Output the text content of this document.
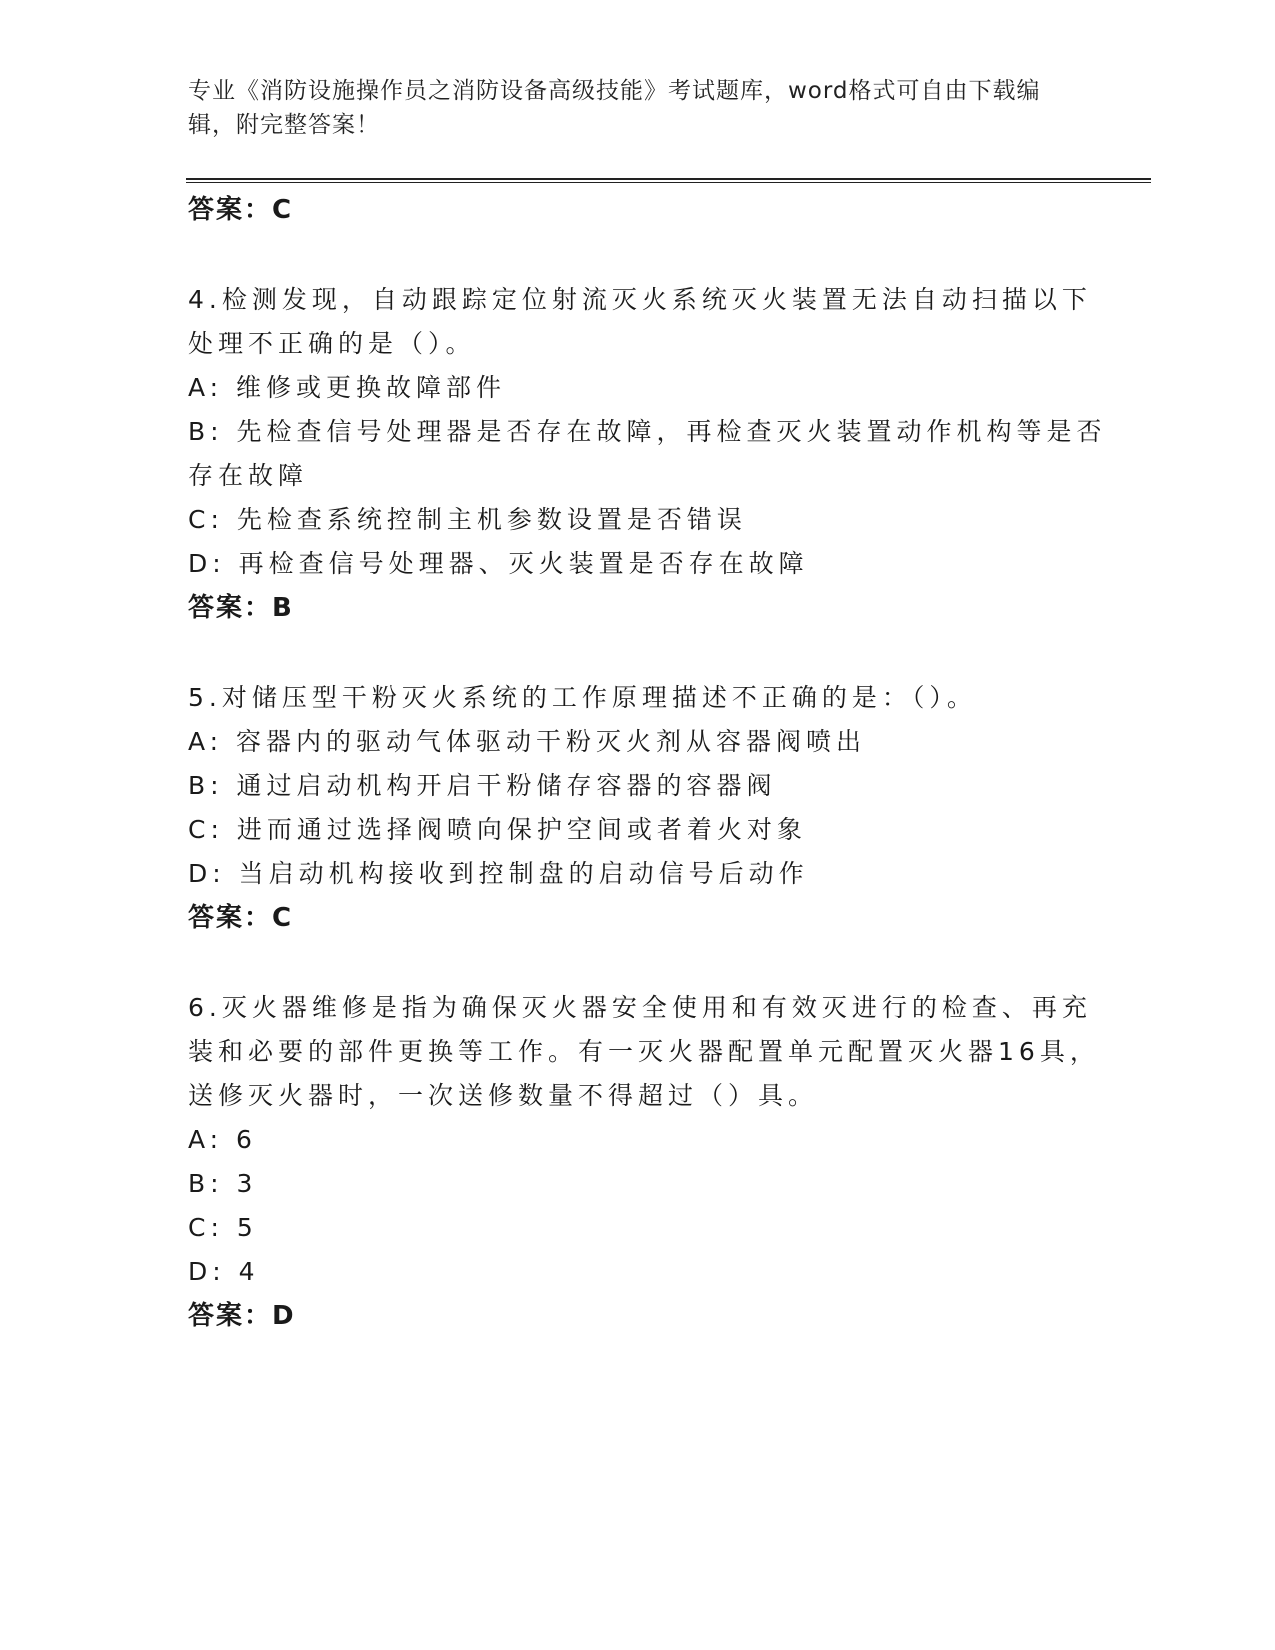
专业《消防设施操作员之消防设备高级技能》考试题库，word格式可自由下载编
辑，附完整答案！
答案：C
4.检测发现，自动跟踪定位射流灭火系统灭火装置无法自动扫描以下
处理不正确的是（）。
A: 维修或更换故障部件
B: 先检查信号处理器是否存在故障，再检查灭火装置动作机构等是否
存在故障
C: 先检查系统控制主机参数设置是否错误
D: 再检查信号处理器、灭火装置是否存在故障
答案：B
5.对储压型干粉灭火系统的工作原理描述不正确的是：（）。
A: 容器内的驱动气体驱动干粉灭火剂从容器阀喷出
B: 通过启动机构开启干粉储存容器的容器阀
C: 进而通过选择阀喷向保护空间或者着火对象
D: 当启动机构接收到控制盘的启动信号后动作
答案：C
6.灭火器维修是指为确保灭火器安全使用和有效灭进行的检查、再充
装和必要的部件更换等工作。有一灭火器配置单元配置灭火器16具，
送修灭火器时，一次送修数量不得超过（）具。
A: 6
B: 3
C: 5
D: 4
答案：D
